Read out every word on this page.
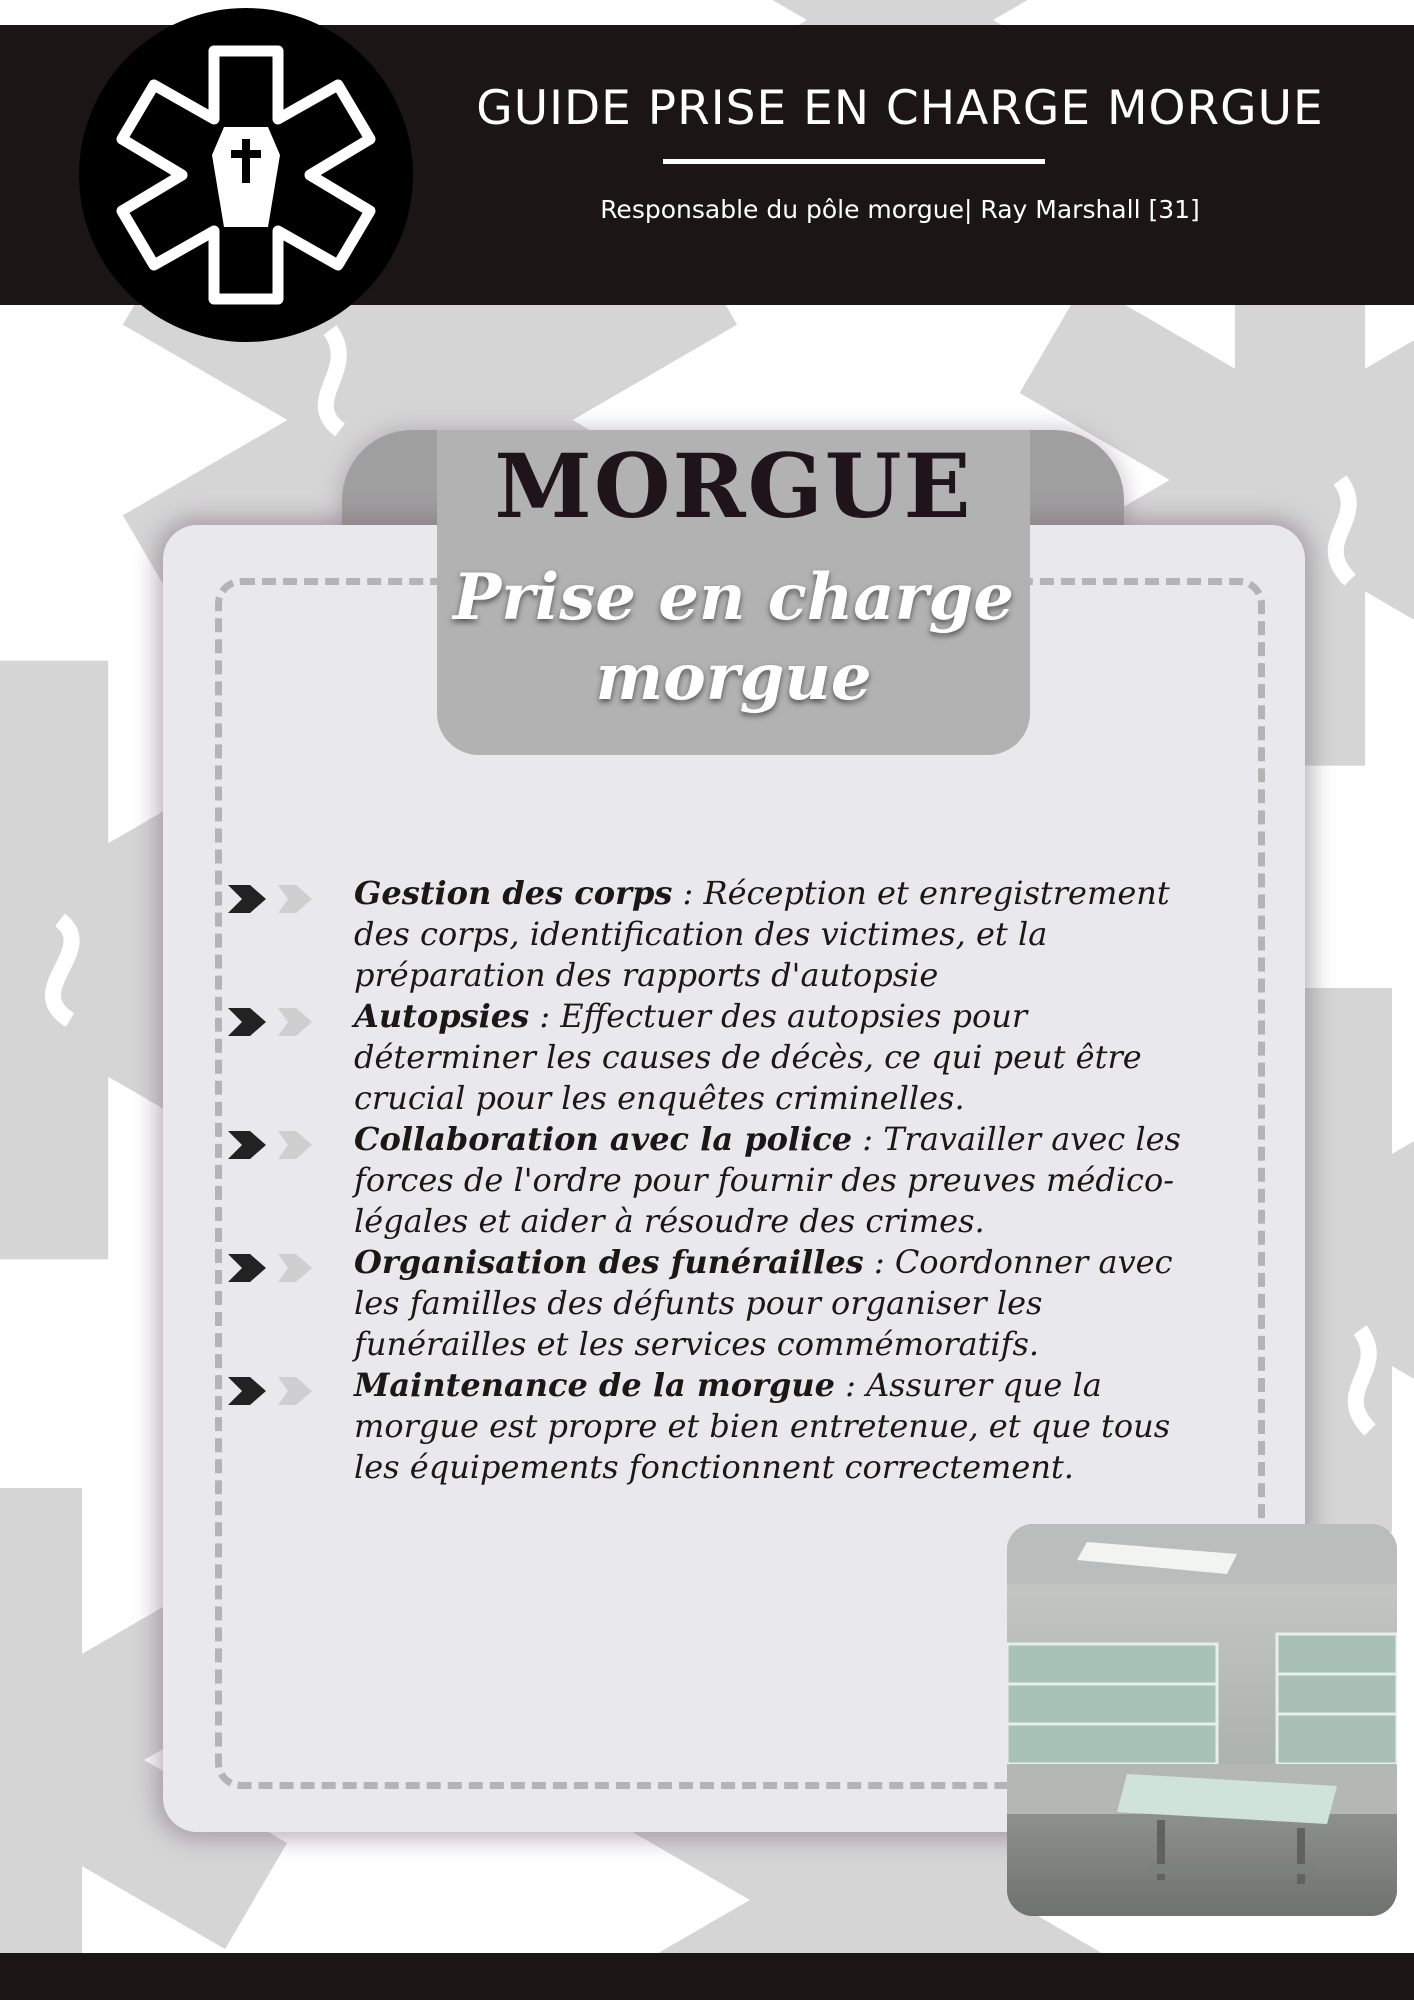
GUIDE PRISE EN CHARGE MORGUE
Responsable du pôle morgue| Ray Marshall [31]
MORGUE
Prise en charge
morgue
Gestion des corps : Réception et enregistrement des corps, identification des victimes, et la préparation des rapports d'autopsie
Autopsies : Effectuer des autopsies pour déterminer les causes de décès, ce qui peut être crucial pour les enquêtes criminelles.
Collaboration avec la police : Travailler avec les forces de l'ordre pour fournir des preuves médico-légales et aider à résoudre des crimes.
Organisation des funérailles : Coordonner avec les familles des défunts pour organiser les funérailles et les services commémoratifs.
Maintenance de la morgue : Assurer que la morgue est propre et bien entretenue, et que tous les équipements fonctionnent correctement.
